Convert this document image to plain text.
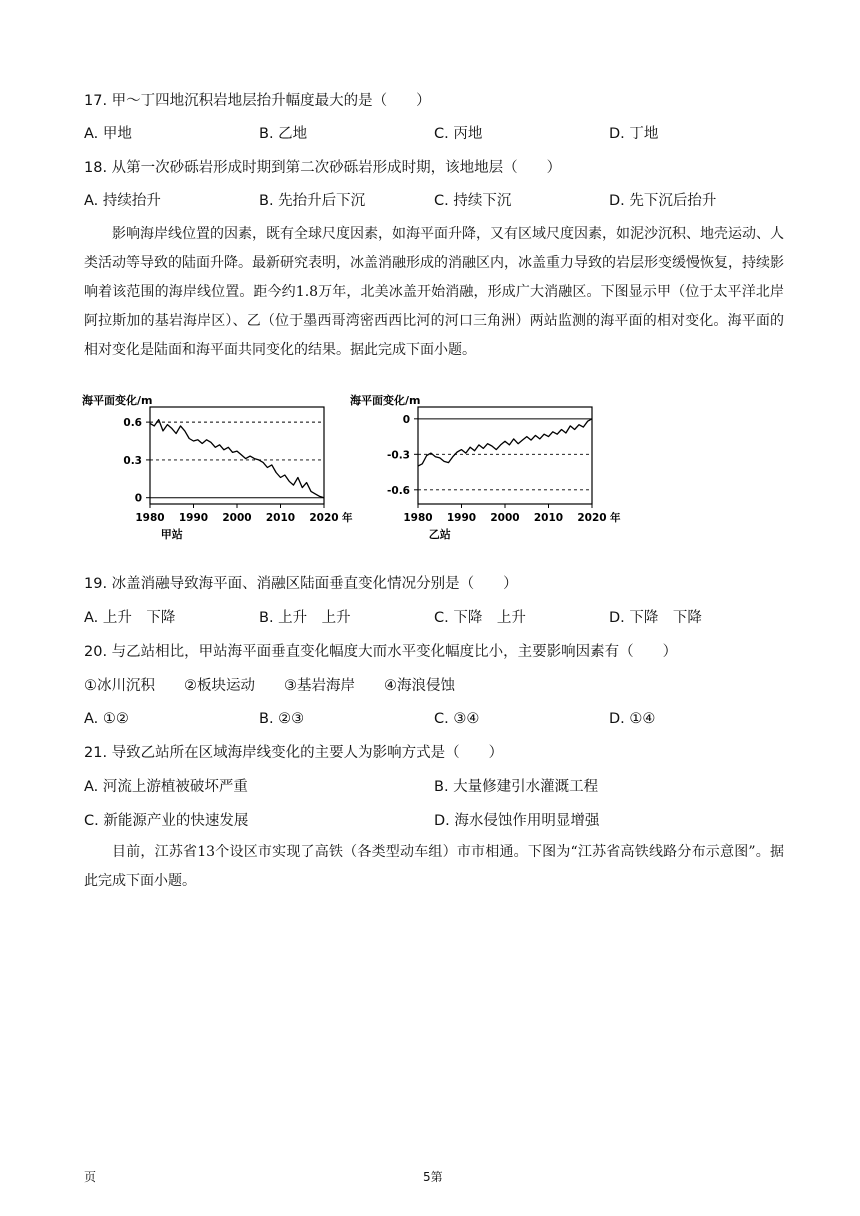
17. 甲～丁四地沉积岩地层抬升幅度最大的是（　　）
A. 甲地	B. 乙地	C. 丙地	D. 丁地
18. 从第一次砂砾岩形成时期到第二次砂砾岩形成时期，该地地层（　　）
A. 持续抬升	B. 先抬升后下沉	C. 持续下沉	D. 先下沉后抬升
影响海岸线位置的因素，既有全球尺度因素，如海平面升降，又有区域尺度因素，如泥沙沉积、地壳运动、人类活动等导致的陆面升降。最新研究表明，冰盖消融形成的消融区内，冰盖重力导致的岩层形变缓慢恢复，持续影响着该范围的海岸线位置。距今约1.8万年，北美冰盖开始消融，形成广大消融区。下图显示甲（位于太平洋北岸阿拉斯加的基岩海岸区）、乙（位于墨西哥湾密西西比河的河口三角洲）两站监测的海平面的相对变化。海平面的相对变化是陆面和海平面共同变化的结果。据此完成下面小题。
海平面变化/m
0.6
0.3
0
1980 1990 2000 2010 2020 年
甲站
海平面变化/m
0
-0.3
-0.6
1980 1990 2000 2010 2020 年
乙站
19. 冰盖消融导致海平面、消融区陆面垂直变化情况分别是（　　）
A. 上升　下降	B. 上升　上升	C. 下降　上升	D. 下降　下降
20. 与乙站相比，甲站海平面垂直变化幅度大而水平变化幅度比小，主要影响因素有（　　）
①冰川沉积　　②板块运动　　③基岩海岸　　④海浪侵蚀
A. ①②	B. ②③	C. ③④	D. ①④
21. 导致乙站所在区域海岸线变化的主要人为影响方式是（　　）
A. 河流上游植被破坏严重	B. 大量修建引水灌溉工程
C. 新能源产业的快速发展	D. 海水侵蚀作用明显增强
目前，江苏省13个设区市实现了高铁（各类型动车组）市市相通。下图为“江苏省高铁线路分布示意图”。据此完成下面小题。
页	5第
